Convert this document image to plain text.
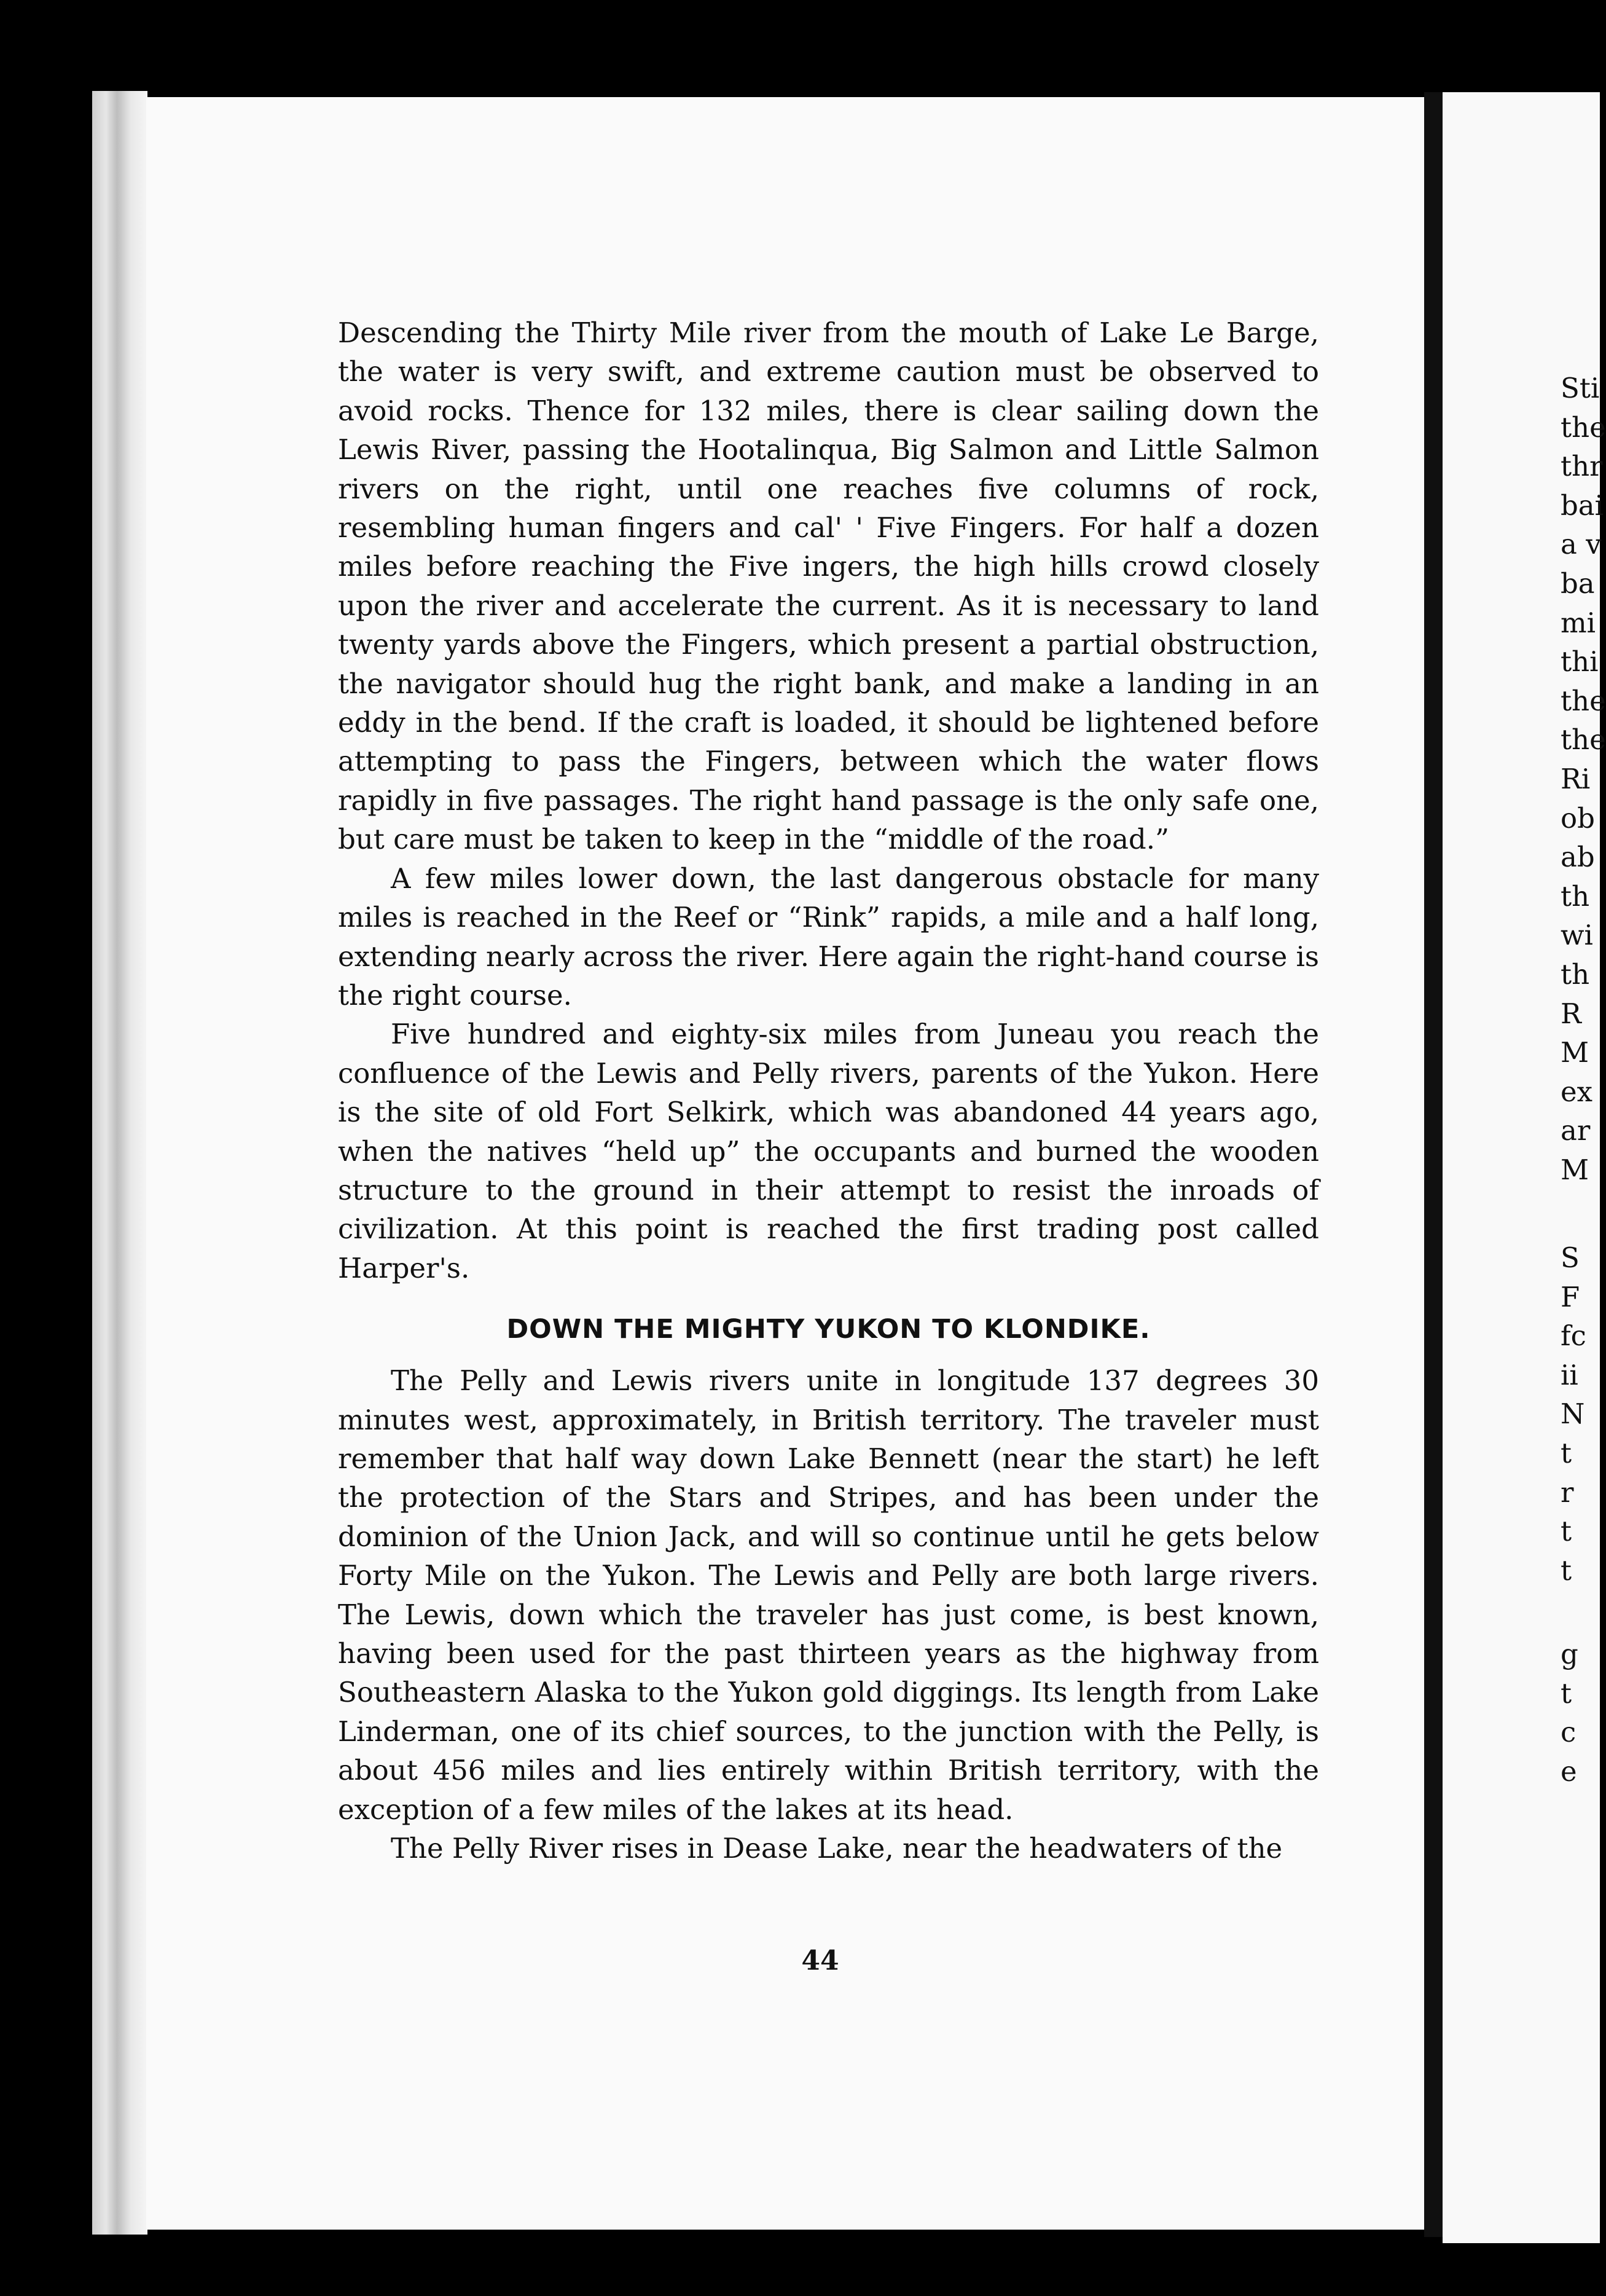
Descending the Thirty Mile river from the mouth of Lake Le Barge, the water is very swift, and extreme caution must be observed to avoid rocks. Thence for 132 miles, there is clear sailing down the Lewis River, passing the Hootalinqua, Big Salmon and Little Salmon rivers on the right, until one reaches five columns of rock, resembling human fingers and cal' ' Five Fingers. For half a dozen miles before reaching the Five ingers, the high hills crowd closely upon the river and accelerate the current. As it is necessary to land twenty yards above the Fingers, which present a partial obstruction, the navigator should hug the right bank, and make a landing in an eddy in the bend. If the craft is loaded, it should be lightened before attempting to pass the Fingers, between which the water flows rapidly in five passages. The right hand passage is the only safe one, but care must be taken to keep in the “middle of the road.”

A few miles lower down, the last dangerous obstacle for many miles is reached in the Reef or “Rink” rapids, a mile and a half long, extending nearly across the river. Here again the right-hand course is the right course.

Five hundred and eighty-six miles from Juneau you reach the confluence of the Lewis and Pelly rivers, parents of the Yukon. Here is the site of old Fort Selkirk, which was abandoned 44 years ago, when the natives “held up” the occupants and burned the wooden structure to the ground in their attempt to resist the inroads of civilization. At this point is reached the first trading post called Harper's.

DOWN THE MIGHTY YUKON TO KLONDIKE.

The Pelly and Lewis rivers unite in longitude 137 degrees 30 minutes west, approximately, in British territory. The traveler must remember that half way down Lake Bennett (near the start) he left the protection of the Stars and Stripes, and has been under the dominion of the Union Jack, and will so continue until he gets below Forty Mile on the Yukon. The Lewis and Pelly are both large rivers. The Lewis, down which the traveler has just come, is best known, having been used for the past thirteen years as the highway from Southeastern Alaska to the Yukon gold diggings. Its length from Lake Linderman, one of its chief sources, to the junction with the Pelly, is about 456 miles and lies entirely within British territory, with the exception of a few miles of the lakes at its head.

The Pelly River rises in Dease Lake, near the headwaters of the

44
Sti
the
thr
bai
a v
ba
mi
thi
the
the
Ri
ob
ab
th
wi
th
R
M
ex
ar
M
S
F
fc
ii
N
t
r
t
t
g
t
c
e
